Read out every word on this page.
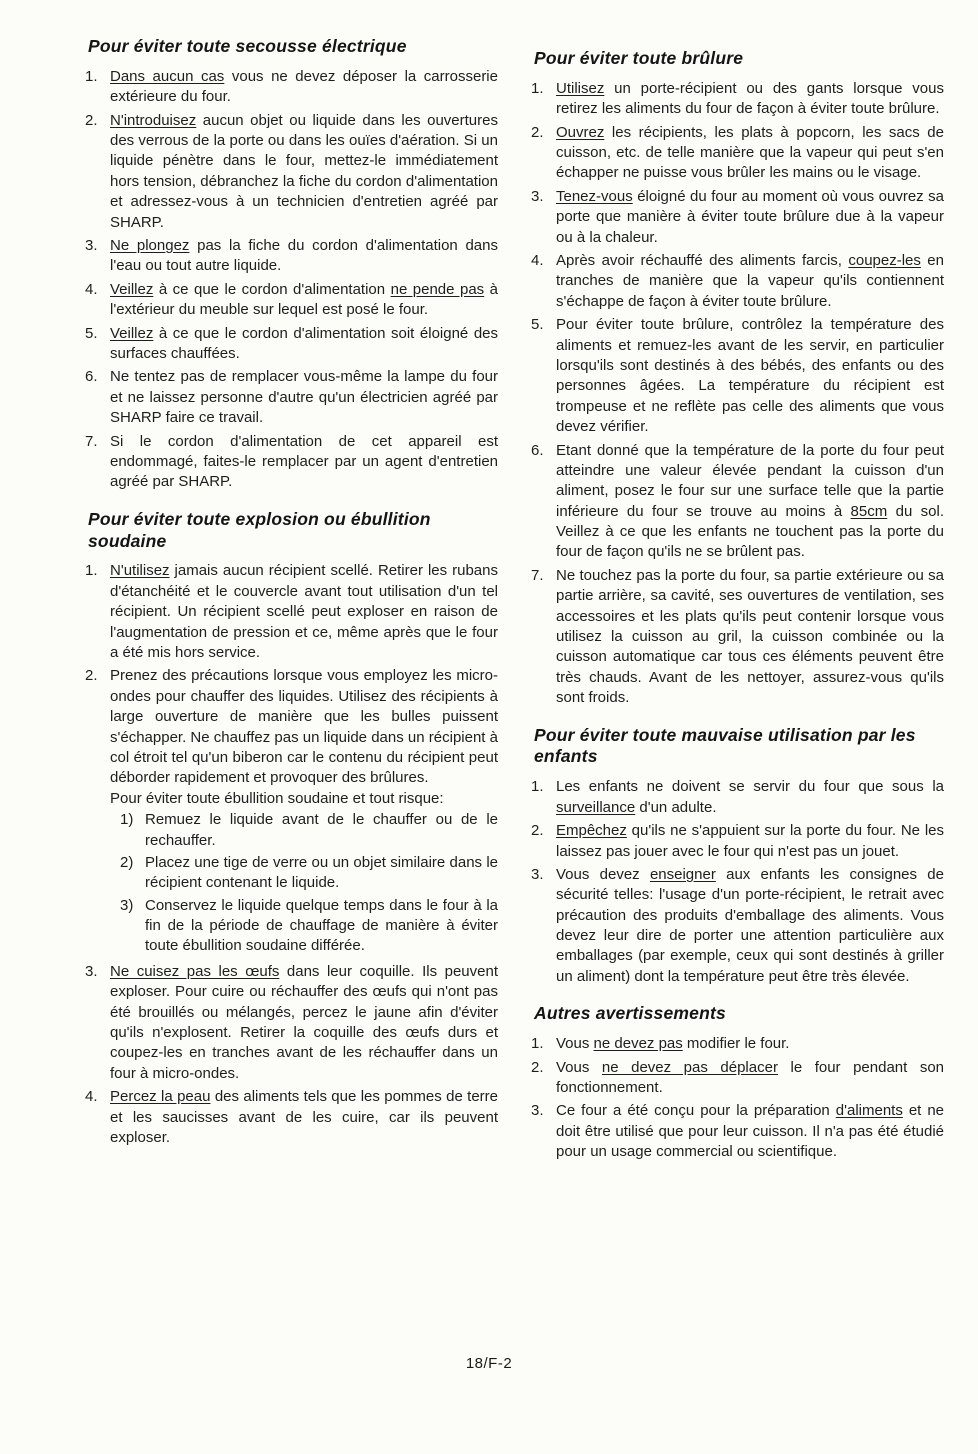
Pour éviter toute secousse électrique
1. Dans aucun cas vous ne devez déposer la carrosserie extérieure du four.

2. N'introduisez aucun objet ou liquide dans les ouvertures des verrous de la porte ou dans les ouïes d'aération. Si un liquide pénètre dans le four, mettez-le immédiatement hors tension, débranchez la fiche du cordon d'alimentation et adressez-vous à un technicien d'entretien agréé par SHARP.

3. Ne plongez pas la fiche du cordon d'alimentation dans l'eau ou tout autre liquide.

4. Veillez à ce que le cordon d'alimentation ne pende pas à l'extérieur du meuble sur lequel est posé le four.

5. Veillez à ce que le cordon d'alimentation soit éloigné des surfaces chauffées.

6. Ne tentez pas de remplacer vous-même la lampe du four et ne laissez personne d'autre qu'un électricien agréé par SHARP faire ce travail.

7. Si le cordon d'alimentation de cet appareil est endommagé, faites-le remplacer par un agent d'entretien agréé par SHARP.

Pour éviter toute explosion ou ébullition soudaine
1. N'utilisez jamais aucun récipient scellé. Retirer les rubans d'étanchéité et le couvercle avant tout utilisation d'un tel récipient. Un récipient scellé peut exploser en raison de l'augmentation de pression et ce, même après que le four a été mis hors service.

2. Prenez des précautions lorsque vous employez les micro-ondes pour chauffer des liquides. Utilisez des récipients à large ouverture de manière que les bulles puissent s'échapper. Ne chauffez pas un liquide dans un récipient à col étroit tel qu'un biberon car le contenu du récipient peut déborder rapidement et provoquer des brûlures.

Pour éviter toute ébullition soudaine et tout risque:

1) Remuez le liquide avant de le chauffer ou de le rechauffer.
2) Placez une tige de verre ou un objet similaire dans le récipient contenant le liquide.
3) Conservez le liquide quelque temps dans le four à la fin de la période de chauffage de manière à éviter toute ébullition soudaine différée.
3. Ne cuisez pas les œufs dans leur coquille. Ils peuvent exploser. Pour cuire ou réchauffer des œufs qui n'ont pas été brouillés ou mélangés, percez le jaune afin d'éviter qu'ils n'explosent. Retirer la coquille des œufs durs et coupez-les en tranches avant de les réchauffer dans un four à micro-ondes.

4. Percez la peau des aliments tels que les pommes de terre et les saucisses avant de les cuire, car ils peuvent exploser.

Pour éviter toute brûlure
1. Utilisez un porte-récipient ou des gants lorsque vous retirez les aliments du four de façon à éviter toute brûlure.

2. Ouvrez les récipients, les plats à popcorn, les sacs de cuisson, etc. de telle manière que la vapeur qui peut s'en échapper ne puisse vous brûler les mains ou le visage.

3. Tenez-vous éloigné du four au moment où vous ouvrez sa porte que manière à éviter toute brûlure due à la vapeur ou à la chaleur.

4. Après avoir réchauffé des aliments farcis, coupez-les en tranches de manière que la vapeur qu'ils contiennent s'échappe de façon à éviter toute brûlure.

5. Pour éviter toute brûlure, contrôlez la température des aliments et remuez-les avant de les servir, en particulier lorsqu'ils sont destinés à des bébés, des enfants ou des personnes âgées. La température du récipient est trompeuse et ne reflète pas celle des aliments que vous devez vérifier.

6. Etant donné que la température de la porte du four peut atteindre une valeur élevée pendant la cuisson d'un aliment, posez le four sur une surface telle que la partie inférieure du four se trouve au moins à 85cm du sol. Veillez à ce que les enfants ne touchent pas la porte du four de façon qu'ils ne se brûlent pas.

7. Ne touchez pas la porte du four, sa partie extérieure ou sa partie arrière, sa cavité, ses ouvertures de ventilation, ses accessoires et les plats qu'ils peut contenir lorsque vous utilisez la cuisson au gril, la cuisson combinée ou la cuisson automatique car tous ces éléments peuvent être très chauds. Avant de les nettoyer, assurez-vous qu'ils sont froids.

Pour éviter toute mauvaise utilisation par les enfants
1. Les enfants ne doivent se servir du four que sous la surveillance d'un adulte.

2. Empêchez qu'ils ne s'appuient sur la porte du four. Ne les laissez pas jouer avec le four qui n'est pas un jouet.

3. Vous devez enseigner aux enfants les consignes de sécurité telles: l'usage d'un porte-récipient, le retrait avec précaution des produits d'emballage des aliments. Vous devez leur dire de porter une attention particulière aux emballages (par exemple, ceux qui sont destinés à griller un aliment) dont la température peut être très élevée.

Autres avertissements
1. Vous ne devez pas modifier le four.

2. Vous ne devez pas déplacer le four pendant son fonctionnement.

3. Ce four a été conçu pour la préparation d'aliments et ne doit être utilisé que pour leur cuisson. Il n'a pas été étudié pour un usage commercial ou scientifique.

18/F-2
